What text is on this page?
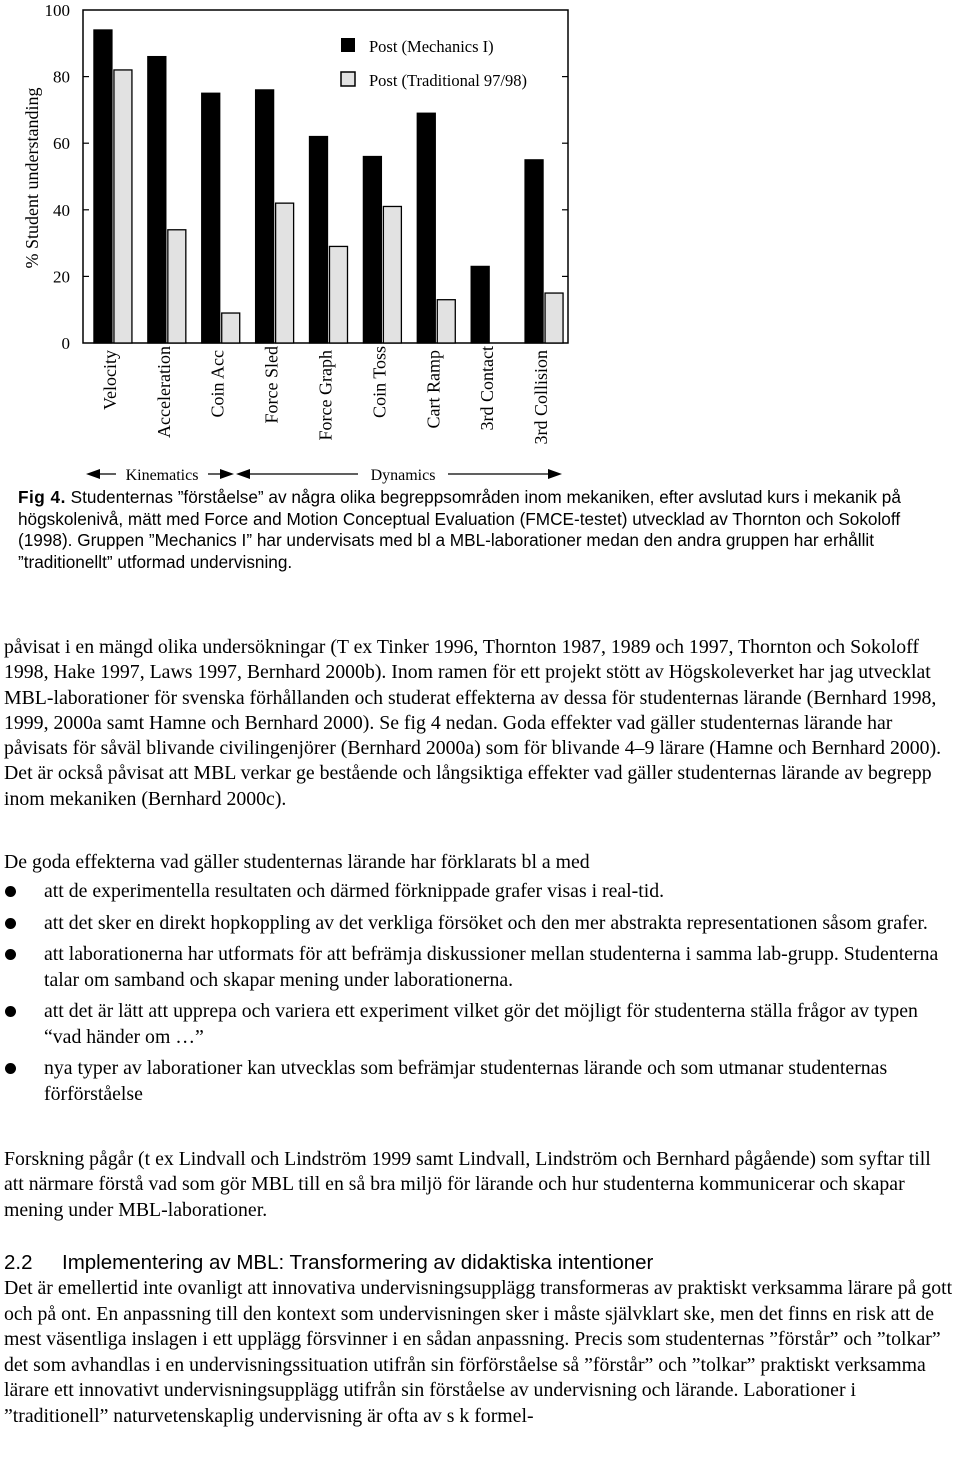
% Student understanding
0
20
40
60
80
100
Velocity Acceleration Coin Acc Force Sled Force Graph Coin Toss Cart Ramp 3rd Contact 3rd Collision
Post (Mechanics I)
Post (Traditional 97/98)
Kinematics	Dynamics

Fig 4. Studenternas ”förståelse” av några olika begreppsområden inom mekaniken, efter avslutad kurs i mekanik på högskolenivå, mätt med Force and Motion Conceptual Evaluation (FMCE-testet) utvecklad av Thornton och Sokoloff (1998). Gruppen ”Mechanics I” har undervisats med bl a MBL-laborationer medan den andra gruppen har erhållit ”traditionellt” utformad undervisning.

påvisat i en mängd olika undersökningar (T ex Tinker 1996, Thornton 1987, 1989 och 1997, Thornton och Sokoloff 1998, Hake 1997, Laws 1997, Bernhard 2000b). Inom ramen för ett projekt stött av Högskoleverket har jag utvecklat MBL-laborationer för svenska förhållanden och studerat effekterna av dessa för studenternas lärande (Bernhard 1998, 1999, 2000a samt Hamne och Bernhard 2000). Se fig 4 nedan. Goda effekter vad gäller studenternas lärande har påvisats för såväl blivande civilingenjörer (Bernhard 2000a) som för blivande 4–9 lärare (Hamne och Bernhard 2000). Det är också påvisat att MBL verkar ge bestående och långsiktiga effekter vad gäller studenternas lärande av begrepp inom mekaniken (Bernhard 2000c).

De goda effekterna vad gäller studenternas lärande har förklarats bl a med

att de experimentella resultaten och därmed förknippade grafer visas i real-tid.
att det sker en direkt hopkoppling av det verkliga försöket och den mer abstrakta representationen såsom grafer.
att laborationerna har utformats för att befrämja diskussioner mellan studenterna i samma lab-grupp. Studenterna talar om samband och skapar mening under laborationerna.
att det är lätt att upprepa och variera ett experiment vilket gör det möjligt för studenterna ställa frågor av typen “vad händer om …”
nya typer av laborationer kan utvecklas som befrämjar studenternas lärande och som utmanar studenternas förförståelse

Forskning pågår (t ex Lindvall och Lindström 1999 samt Lindvall, Lindström och Bernhard pågående) som syftar till att närmare förstå vad som gör MBL till en så bra miljö för lärande och hur studenterna kommunicerar och skapar mening under MBL-laborationer.

2.2 Implementering av MBL: Transformering av didaktiska intentioner

Det är emellertid inte ovanligt att innovativa undervisningsupplägg transformeras av praktiskt verksamma lärare på gott och på ont. En anpassning till den kontext som undervisningen sker i måste självklart ske, men det finns en risk att de mest väsentliga inslagen i ett upplägg försvinner i en sådan anpassning. Precis som studenternas ”förstår” och ”tolkar” det som avhandlas i en undervisningssituation utifrån sin förförståelse så ”förstår” och ”tolkar” praktiskt verksamma lärare ett innovativt undervisningsupplägg utifrån sin förståelse av undervisning och lärande. Laborationer i ”traditionell” naturvetenskaplig undervisning är ofta av s k formel-
